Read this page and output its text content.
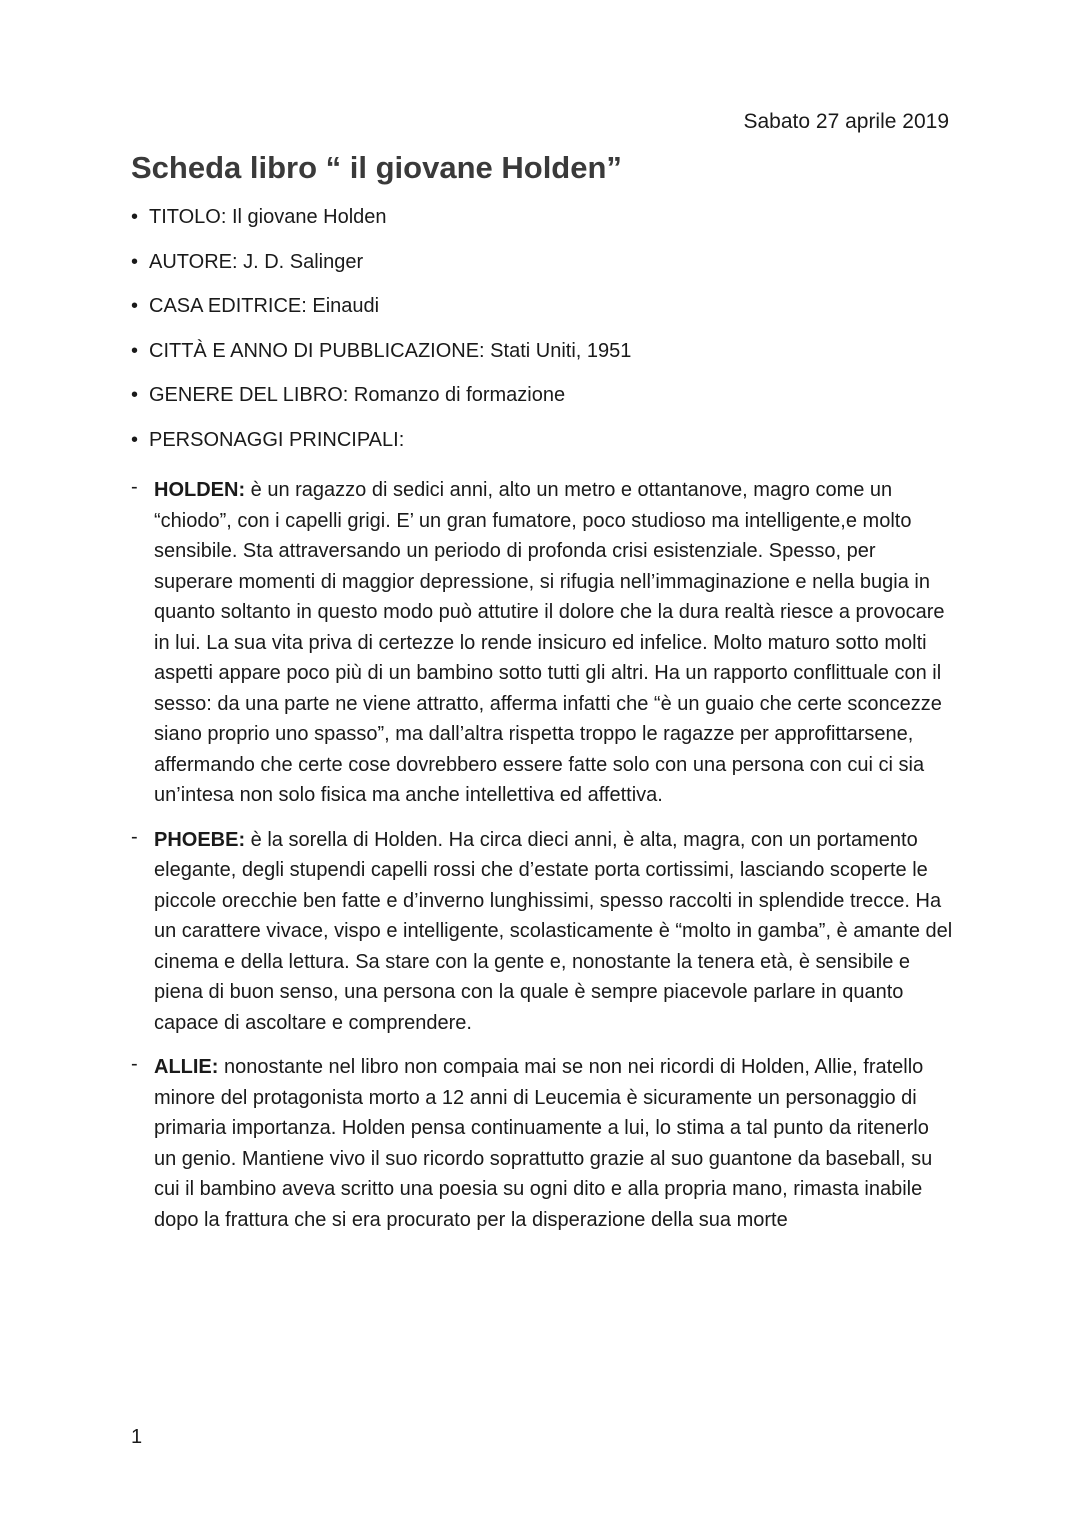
Sabato 27 aprile 2019
Scheda libro “ il giovane Holden”
• TITOLO: Il giovane Holden
• AUTORE: J. D. Salinger
• CASA EDITRICE: Einaudi
• CITTÀ E ANNO DI PUBBLICAZIONE: Stati Uniti, 1951
• GENERE DEL LIBRO: Romanzo di formazione
• PERSONAGGI PRINCIPALI:
- HOLDEN: è un ragazzo di sedici anni, alto un metro e ottantanove, magro come un “chiodo”, con i capelli grigi. E’ un gran fumatore, poco studioso ma intelligente,e molto sensibile. Sta attraversando un periodo di profonda crisi esistenziale. Spesso, per superare momenti di maggior depressione, si rifugia nell’immaginazione e nella bugia in quanto soltanto in questo modo può attutire il dolore che la dura realtà riesce a provocare in lui. La sua vita priva di certezze lo rende insicuro ed infelice. Molto maturo sotto molti aspetti appare poco più di un bambino sotto tutti gli altri. Ha un rapporto conflittuale con il sesso: da una parte ne viene attratto, afferma infatti che “è un guaio che certe sconcezze siano proprio uno spasso”, ma dall’altra rispetta troppo le ragazze per approfittarsene, affermando che certe cose dovrebbero essere fatte solo con una persona con cui ci sia un’intesa non solo fisica ma anche intellettiva ed affettiva.
- PHOEBE: è la sorella di Holden. Ha circa dieci anni, è alta, magra, con un portamento elegante, degli stupendi capelli rossi che d’estate porta cortissimi, lasciando scoperte le piccole orecchie ben fatte e d’inverno lunghissimi, spesso raccolti in splendide trecce. Ha un carattere vivace, vispo e intelligente, scolasticamente è “molto in gamba”, è amante del cinema e della lettura. Sa stare con la gente e, nonostante la tenera età, è sensibile e piena di buon senso, una persona con la quale è sempre piacevole parlare in quanto capace di ascoltare e comprendere.
- ALLIE: nonostante nel libro non compaia mai se non nei ricordi di Holden, Allie, fratello minore del protagonista morto a 12 anni di Leucemia è sicuramente un personaggio di primaria importanza. Holden pensa continuamente a lui, lo stima a tal punto da ritenerlo un genio. Mantiene vivo il suo ricordo soprattutto grazie al suo guantone da baseball, su cui il bambino aveva scritto una poesia su ogni dito e alla propria mano, rimasta inabile dopo la frattura che si era procurato per la disperazione della sua morte
1
